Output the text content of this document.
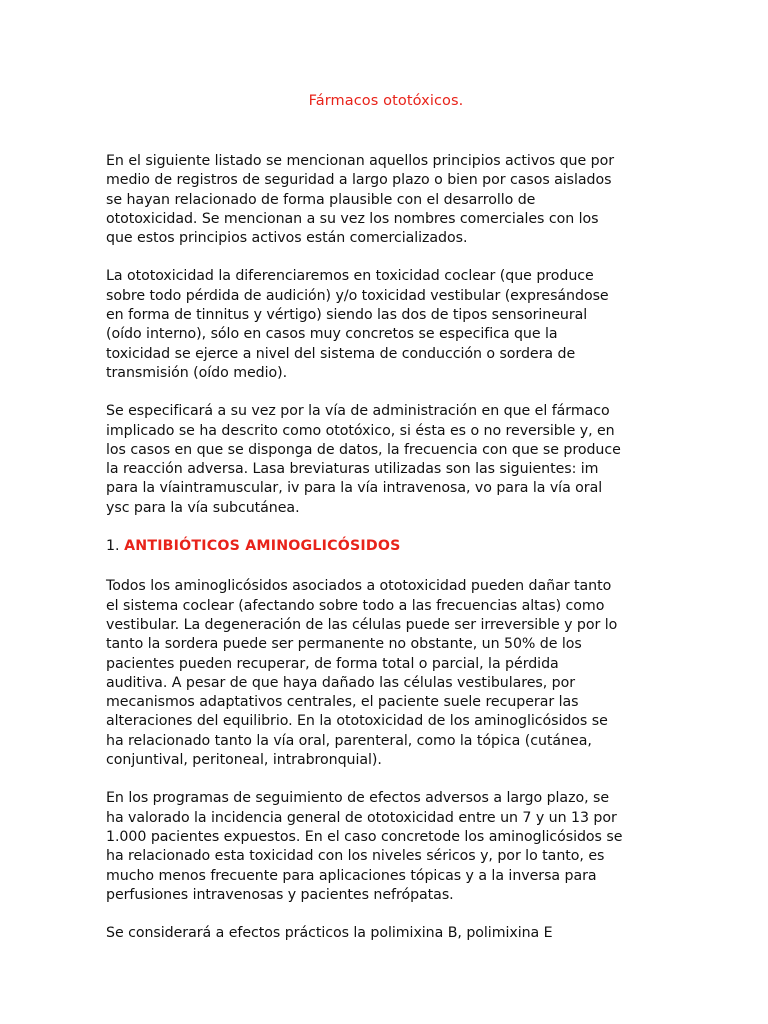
Fármacos ototóxicos.

En el siguiente listado se mencionan aquellos principios activos que por
medio de registros de seguridad a largo plazo o bien por casos aislados
se hayan relacionado de forma plausible con el desarrollo de
ototoxicidad. Se mencionan a su vez los nombres comerciales con los
que estos principios activos están comercializados.

La ototoxicidad la diferenciaremos en toxicidad coclear (que produce
sobre todo pérdida de audición) y/o toxicidad vestibular (expresándose
en forma de tinnitus y vértigo) siendo las dos de tipos sensorineural
(oído interno), sólo en casos muy concretos se especifica que la
toxicidad se ejerce a nivel del sistema de conducción o sordera de
transmisión (oído medio).

Se especificará a su vez por la vía de administración en que el fármaco
implicado se ha descrito como ototóxico, si ésta es o no reversible y, en
los casos en que se disponga de datos, la frecuencia con que se produce
la reacción adversa. Lasa breviaturas utilizadas son las siguientes: im
para la víaintramuscular, iv para la vía intravenosa, vo para la vía oral
ysc para la vía subcutánea.

1. ANTIBIÓTICOS AMINOGLICÓSIDOS

Todos los aminoglicósidos asociados a ototoxicidad pueden dañar tanto
el sistema coclear (afectando sobre todo a las frecuencias altas) como
vestibular. La degeneración de las células puede ser irreversible y por lo
tanto la sordera puede ser permanente no obstante, un 50% de los
pacientes pueden recuperar, de forma total o parcial, la pérdida
auditiva. A pesar de que haya dañado las células vestibulares, por
mecanismos adaptativos centrales, el paciente suele recuperar las
alteraciones del equilibrio. En la ototoxicidad de los aminoglicósidos se
ha relacionado tanto la vía oral, parenteral, como la tópica (cutánea,
conjuntival, peritoneal, intrabronquial).

En los programas de seguimiento de efectos adversos a largo plazo, se
ha valorado la incidencia general de ototoxicidad entre un 7 y un 13 por
1.000 pacientes expuestos. En el caso concretode los aminoglicósidos se
ha relacionado esta toxicidad con los niveles séricos y, por lo tanto, es
mucho menos frecuente para aplicaciones tópicas y a la inversa para
perfusiones intravenosas y pacientes nefrópatas.

Se considerará a efectos prácticos la polimixina B, polimixina E
